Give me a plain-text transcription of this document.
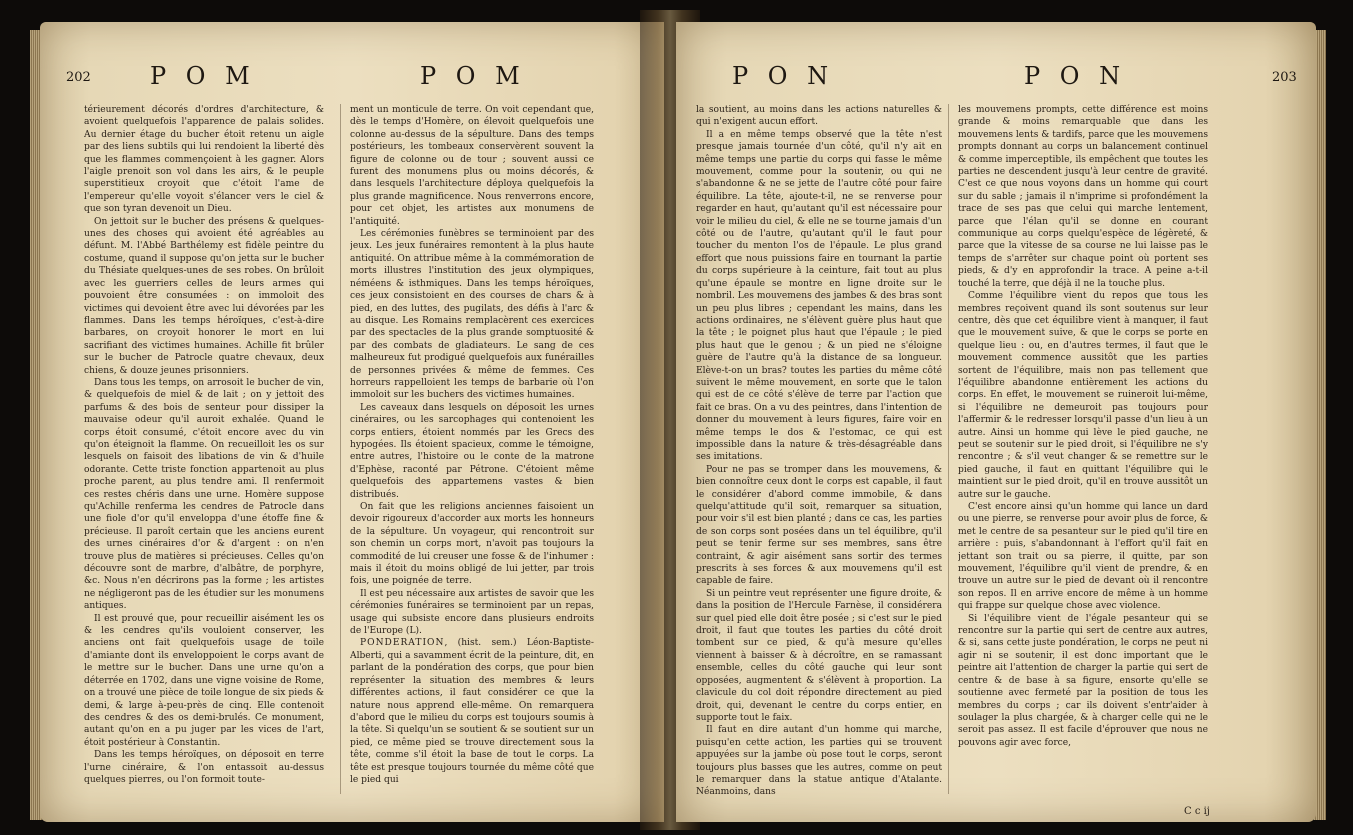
202 P O M	P O M

térieurement décorés d'ordres d'architecture, & avoient quelquefois l'apparence de palais solides. Au dernier étage du bucher étoit retenu un aigle par des liens subtils qui lui rendoient la liberté dès que les flammes commençoient à les gagner. Alors l'aigle prenoit son vol dans les airs, & le peuple superstitieux croyoit que c'étoit l'ame de l'empereur qu'elle voyoit s'élancer vers le ciel & que son tyran devenoit un Dieu.

On jettoit sur le bucher des présens & quelques-unes des choses qui avoient été agréables au défunt. M. l'Abbé Barthélemy est fidèle peintre du costume, quand il suppose qu'on jetta sur le bucher du Thésiate quelques-unes de ses robes. On brûloit avec les guerriers celles de leurs armes qui pouvoient être consumées : on immoloit des victimes qui devoient être avec lui dévorées par les flammes. Dans les temps héroïques, c'est-à-dire barbares, on croyoit honorer le mort en lui sacrifiant des victimes humaines. Achille fit brûler sur le bucher de Patrocle quatre chevaux, deux chiens, & douze jeunes prisonniers.

Dans tous les temps, on arrosoit le bucher de vin, & quelquefois de miel & de lait ; on y jettoit des parfums & des bois de senteur pour dissiper la mauvaise odeur qu'il auroit exhalée. Quand le corps étoit consumé, c'étoit encore avec du vin qu'on éteignoit la flamme. On recueilloit les os sur lesquels on faisoit des libations de vin & d'huile odorante. Cette triste fonction appartenoit au plus proche parent, au plus tendre ami. Il renfermoit ces restes chéris dans une urne. Homère suppose qu'Achille renferma les cendres de Patrocle dans une fiole d'or qu'il enveloppa d'une étoffe fine & précieuse. Il paroît certain que les anciens eurent des urnes cinéraires d'or & d'argent : on n'en trouve plus de matières si précieuses. Celles qu'on découvre sont de marbre, d'albâtre, de porphyre, &c. Nous n'en décrirons pas la forme ; les artistes ne négligeront pas de les étudier sur les monumens antiques.

Il est prouvé que, pour recueillir aisément les os & les cendres qu'ils vouloient conserver, les anciens ont fait quelquefois usage de toile d'amiante dont ils enveloppoient le corps avant de le mettre sur le bucher. Dans une urne qu'on a déterrée en 1702, dans une vigne voisine de Rome, on a trouvé une pièce de toile longue de six pieds & demi, & large à-peu-près de cinq. Elle contenoit des cendres & des os demi-brulés. Ce monument, autant qu'on en a pu juger par les vices de l'art, étoit postérieur à Constantin.

Dans les temps héroïques, on déposoit en terre l'urne cinéraire, & l'on entassoit au-dessus quelques pierres, ou l'on formoit toute-

ment un monticule de terre. On voit cependant que, dès le temps d'Homère, on élevoit quelquefois une colonne au-dessus de la sépulture. Dans des temps postérieurs, les tombeaux conservèrent souvent la figure de colonne ou de tour ; souvent aussi ce furent des monumens plus ou moins décorés, & dans lesquels l'architecture déploya quelquefois la plus grande magnificence. Nous renverrons encore, pour cet objet, les artistes aux monumens de l'antiquité.

Les cérémonies funèbres se terminoient par des jeux. Les jeux funéraires remontent à la plus haute antiquité. On attribue même à la commémoration de morts illustres l'institution des jeux olympiques, néméens & isthmiques. Dans les temps héroïques, ces jeux consistoient en des courses de chars & à pied, en des luttes, des pugilats, des défis à l'arc & au disque. Les Romains remplacèrent ces exercices par des spectacles de la plus grande somptuosité & par des combats de gladiateurs. Le sang de ces malheureux fut prodigué quelquefois aux funérailles de personnes privées & même de femmes. Ces horreurs rappelloient les temps de barbarie où l'on immoloit sur les buchers des victimes humaines.

Les caveaux dans lesquels on déposoit les urnes cinéraires, ou les sarcophages qui contenoient les corps entiers, étoient nommés par les Grecs des hypogées. Ils étoient spacieux, comme le témoigne, entre autres, l'histoire ou le conte de la matrone d'Ephèse, raconté par Pétrone. C'étoient même quelquefois des appartemens vastes & bien distribués.

On fait que les religions anciennes faisoient un devoir rigoureux d'accorder aux morts les honneurs de la sépulture. Un voyageur, qui rencontroit sur son chemin un corps mort, n'avoit pas toujours la commodité de lui creuser une fosse & de l'inhumer : mais il étoit du moins obligé de lui jetter, par trois fois, une poignée de terre.

Il est peu nécessaire aux artistes de savoir que les cérémonies funéraires se terminoient par un repas, usage qui subsiste encore dans plusieurs endroits de l'Europe (L).

PONDERATION, (hist. sem.) Léon-Baptiste-Alberti, qui a savamment écrit de la peinture, dit, en parlant de la pondération des corps, que pour bien représenter la situation des membres & leurs différentes actions, il faut considérer ce que la nature nous apprend elle-même. On remarquera d'abord que le milieu du corps est toujours soumis à la tête. Si quelqu'un se soutient & se soutient sur un pied, ce même pied se trouve directement sous la tête, comme s'il étoit la base de tout le corps. La tête est presque toujours tournée du même côté que le pied qui

P O N	P O N	203

la soutient, au moins dans les actions naturelles & qui n'exigent aucun effort.

Il a en même temps observé que la tête n'est presque jamais tournée d'un côté, qu'il n'y ait en même temps une partie du corps qui fasse le même mouvement, comme pour la soutenir, ou qui ne s'abandonne & ne se jette de l'autre côté pour faire équilibre. La tête, ajoute-t-il, ne se renverse pour regarder en haut, qu'autant qu'il est nécessaire pour voir le milieu du ciel, & elle ne se tourne jamais d'un côté ou de l'autre, qu'autant qu'il le faut pour toucher du menton l'os de l'épaule. Le plus grand effort que nous puissions faire en tournant la partie du corps supérieure à la ceinture, fait tout au plus qu'une épaule se montre en ligne droite sur le nombril. Les mouvemens des jambes & des bras sont un peu plus libres ; cependant les mains, dans les actions ordinaires, ne s'élèvent guère plus haut que la tête ; le poignet plus haut que l'épaule ; le pied plus haut que le genou ; & un pied ne s'éloigne guère de l'autre qu'à la distance de sa longueur. Elève-t-on un bras? toutes les parties du même côté suivent le même mouvement, en sorte que le talon qui est de ce côté s'élève de terre par l'action que fait ce bras. On a vu des peintres, dans l'intention de donner du mouvement à leurs figures, faire voir en même temps le dos & l'estomac, ce qui est impossible dans la nature & très-désagréable dans ses imitations.

Pour ne pas se tromper dans les mouvemens, & bien connoître ceux dont le corps est capable, il faut le considérer d'abord comme immobile, & dans quelqu'attitude qu'il soit, remarquer sa situation, pour voir s'il est bien planté ; dans ce cas, les parties de son corps sont posées dans un tel équilibre, qu'il peut se tenir ferme sur ses membres, sans être contraint, & agir aisément sans sortir des termes prescrits à ses forces & aux mouvemens qu'il est capable de faire.

Si un peintre veut représenter une figure droite, & dans la position de l'Hercule Farnèse, il considérera sur quel pied elle doit être posée ; si c'est sur le pied droit, il faut que toutes les parties du côté droit tombent sur ce pied, & qu'à mesure qu'elles viennent à baisser & à décroître, en se ramassant ensemble, celles du côté gauche qui leur sont opposées, augmentent & s'élèvent à proportion. La clavicule du col doit répondre directement au pied droit, qui, devenant le centre du corps entier, en supporte tout le faix.

Il faut en dire autant d'un homme qui marche, puisqu'en cette action, les parties qui se trouvent appuyées sur la jambe où pose tout le corps, seront toujours plus basses que les autres, comme on peut le remarquer dans la statue antique d'Atalante. Néanmoins, dans

les mouvemens prompts, cette différence est moins grande & moins remarquable que dans les mouvemens lents & tardifs, parce que les mouvemens prompts donnant au corps un balancement continuel & comme imperceptible, ils empêchent que toutes les parties ne descendent jusqu'à leur centre de gravité. C'est ce que nous voyons dans un homme qui court sur du sable ; jamais il n'imprime si profondément la trace de ses pas que celui qui marche lentement, parce que l'élan qu'il se donne en courant communique au corps quelqu'espèce de légèreté, & parce que la vitesse de sa course ne lui laisse pas le temps de s'arrêter sur chaque point où portent ses pieds, & d'y en approfondir la trace. A peine a-t-il touché la terre, que déjà il ne la touche plus.

Comme l'équilibre vient du repos que tous les membres reçoivent quand ils sont soutenus sur leur centre, dès que cet équilibre vient à manquer, il faut que le mouvement suive, & que le corps se porte en quelque lieu : ou, en d'autres termes, il faut que le mouvement commence aussitôt que les parties sortent de l'équilibre, mais non pas tellement que l'équilibre abandonne entièrement les actions du corps. En effet, le mouvement se ruineroit lui-même, si l'équilibre ne demeuroit pas toujours pour l'affermir & le redresser lorsqu'il passe d'un lieu à un autre. Ainsi un homme qui lève le pied gauche, ne peut se soutenir sur le pied droit, si l'équilibre ne s'y rencontre ; & s'il veut changer & se remettre sur le pied gauche, il faut en quittant l'équilibre qui le maintient sur le pied droit, qu'il en trouve aussitôt un autre sur le gauche.

C'est encore ainsi qu'un homme qui lance un dard ou une pierre, se renverse pour avoir plus de force, & met le centre de sa pesanteur sur le pied qu'il tire en arrière : puis, s'abandonnant à l'effort qu'il fait en jettant son trait ou sa pierre, il quitte, par son mouvement, l'équilibre qu'il vient de prendre, & en trouve un autre sur le pied de devant où il rencontre son repos. Il en arrive encore de même à un homme qui frappe sur quelque chose avec violence.

Si l'équilibre vient de l'égale pesanteur qui se rencontre sur la partie qui sert de centre aux autres, & si, sans cette juste pondération, le corps ne peut ni agir ni se soutenir, il est donc important que le peintre ait l'attention de charger la partie qui sert de centre & de base à sa figure, ensorte qu'elle se soutienne avec fermeté par la position de tous les membres du corps ; car ils doivent s'entr'aider à soulager la plus chargée, & à charger celle qui ne le seroit pas assez. Il est facile d'éprouver que nous ne pouvons agir avec force,

C c ij
